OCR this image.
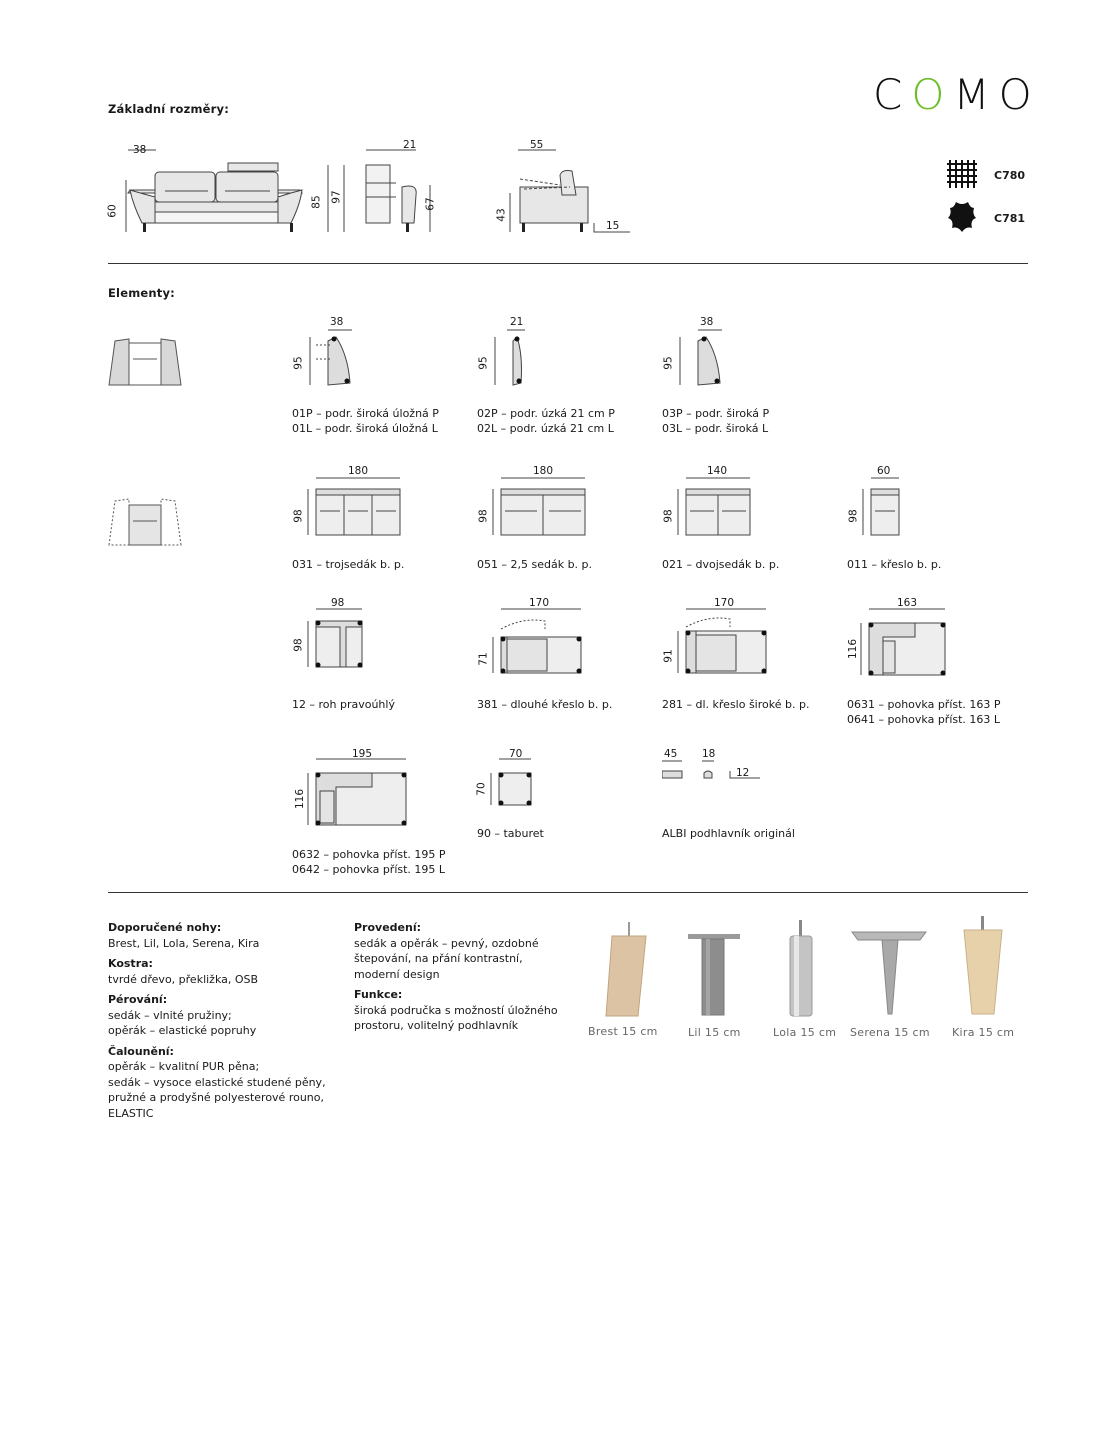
Základní rozměry:	COMO
38
60
21
85 97
67
55
43
15
C780
C781
Elementy:
38
95
01P – podr. široká úložná P
01L – podr. široká úložná L
21
95
02P – podr. úzká 21 cm P
02L – podr. úzká 21 cm L
38
95
03P – podr. široká P
03L – podr. široká L
180
98
031 – trojsedák b. p.
180
98
051 – 2,5 sedák b. p.
140
98
021 – dvojsedák b. p.
60
98
011 – křeslo b. p.
98
98
12 – roh pravoúhlý
170
71
381 – dlouhé křeslo b. p.
170
91
281 – dl. křeslo široké b. p.
163
116
0631 – pohovka příst. 163 P
0641 – pohovka příst. 163 L
195
116
0632 – pohovka příst. 195 P
0642 – pohovka příst. 195 L
70
70
90 – taburet
45 18
12
ALBI podhlavník originál
Doporučené nohy:
Brest, Lil, Lola, Serena, Kira
Kostra:
tvrdé dřevo, překližka, OSB
Pérování:
sedák – vlnité pružiny;
opěrák – elastické popruhy
Čalounění:
opěrák – kvalitní PUR pěna;
sedák – vysoce elastické studené pěny,
pružné a prodyšné polyesterové rouno,
ELASTIC
Provedení:
sedák a opěrák – pevný, ozdobné
štepování, na přání kontrastní,
moderní design
Funkce:
široká područka s možností úložného
prostoru, volitelný podhlavník	Brest 15 cm	Lil 15 cm	Lola 15 cm Serena 15 cm Kira 15 cm
